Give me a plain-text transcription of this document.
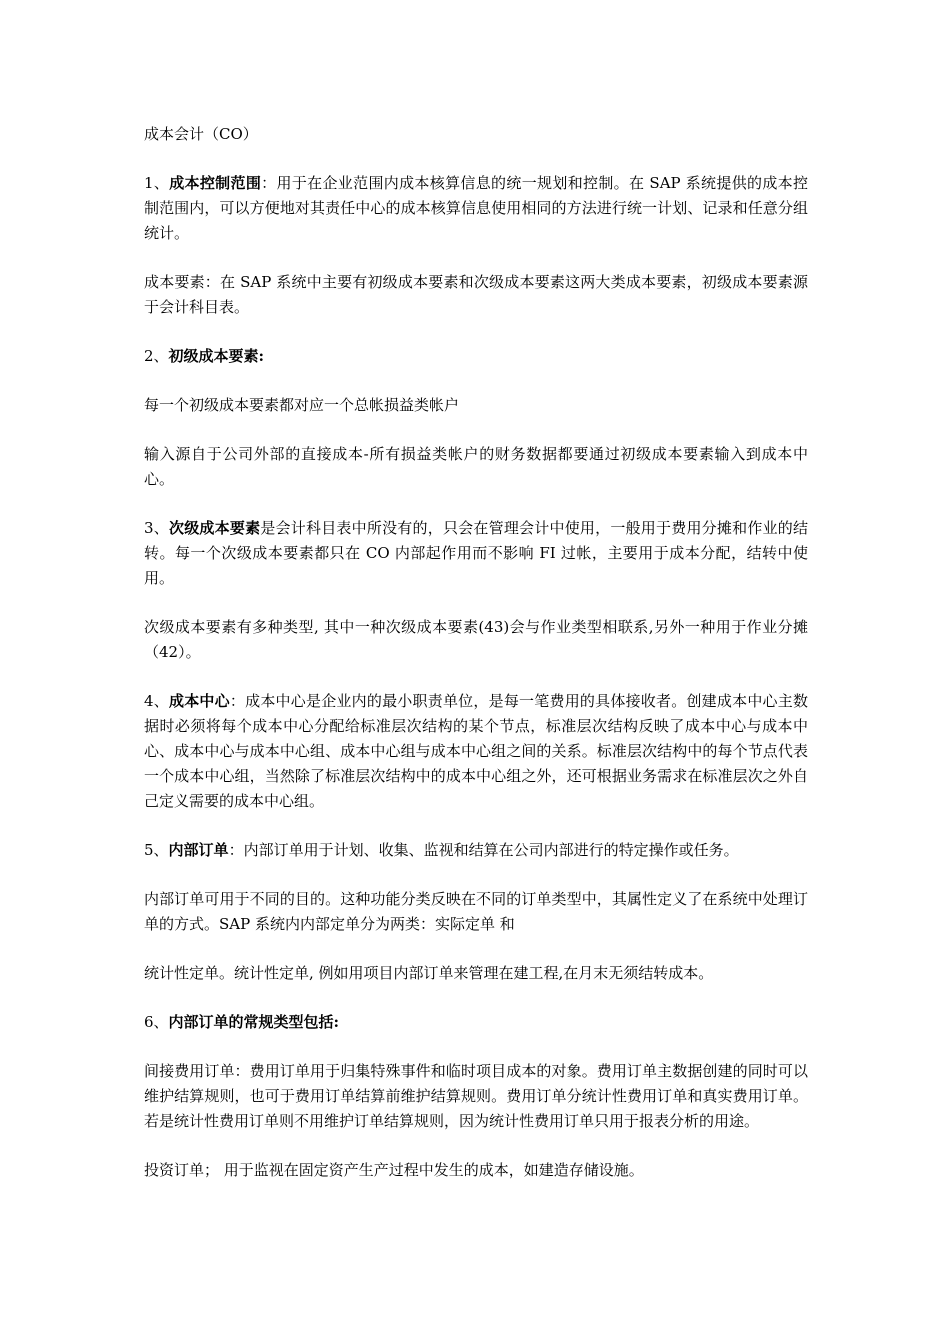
成本会计（CO）

1、成本控制范围：用于在企业范围内成本核算信息的统一规划和控制。在 SAP 系统提供的成本控制范围内，可以方便地对其责任中心的成本核算信息使用相同的方法进行统一计划、记录和任意分组统计。

成本要素：在 SAP 系统中主要有初级成本要素和次级成本要素这两大类成本要素，初级成本要素源于会计科目表。

2、初级成本要素:

每一个初级成本要素都对应一个总帐损益类帐户

输入源自于公司外部的直接成本-所有损益类帐户的财务数据都要通过初级成本要素输入到成本中心。

3、次级成本要素是会计科目表中所没有的，只会在管理会计中使用，一般用于费用分摊和作业的结转。每一个次级成本要素都只在 CO 内部起作用而不影响 FI 过帐，主要用于成本分配，结转中使用。

次级成本要素有多种类型, 其中一种次级成本要素(43)会与作业类型相联系,另外一种用于作业分摊（42）。

4、成本中心：成本中心是企业内的最小职责单位，是每一笔费用的具体接收者。创建成本中心主数据时必须将每个成本中心分配给标准层次结构的某个节点，标准层次结构反映了成本中心与成本中心、成本中心与成本中心组、成本中心组与成本中心组之间的关系。标准层次结构中的每个节点代表一个成本中心组，当然除了标准层次结构中的成本中心组之外，还可根据业务需求在标准层次之外自己定义需要的成本中心组。

5、内部订单：内部订单用于计划、收集、监视和结算在公司内部进行的特定操作或任务。

内部订单可用于不同的目的。这种功能分类反映在不同的订单类型中，其属性定义了在系统中处理订单的方式。SAP 系统内内部定单分为两类：实际定单 和

统计性定单。统计性定单, 例如用项目内部订单来管理在建工程,在月末无须结转成本。

6、内部订单的常规类型包括:

间接费用订单：费用订单用于归集特殊事件和临时项目成本的对象。费用订单主数据创建的同时可以维护结算规则，也可于费用订单结算前维护结算规则。费用订单分统计性费用订单和真实费用订单。若是统计性费用订单则不用维护订单结算规则，因为统计性费用订单只用于报表分析的用途。

投资订单； 用于监视在固定资产生产过程中发生的成本，如建造存储设施。
